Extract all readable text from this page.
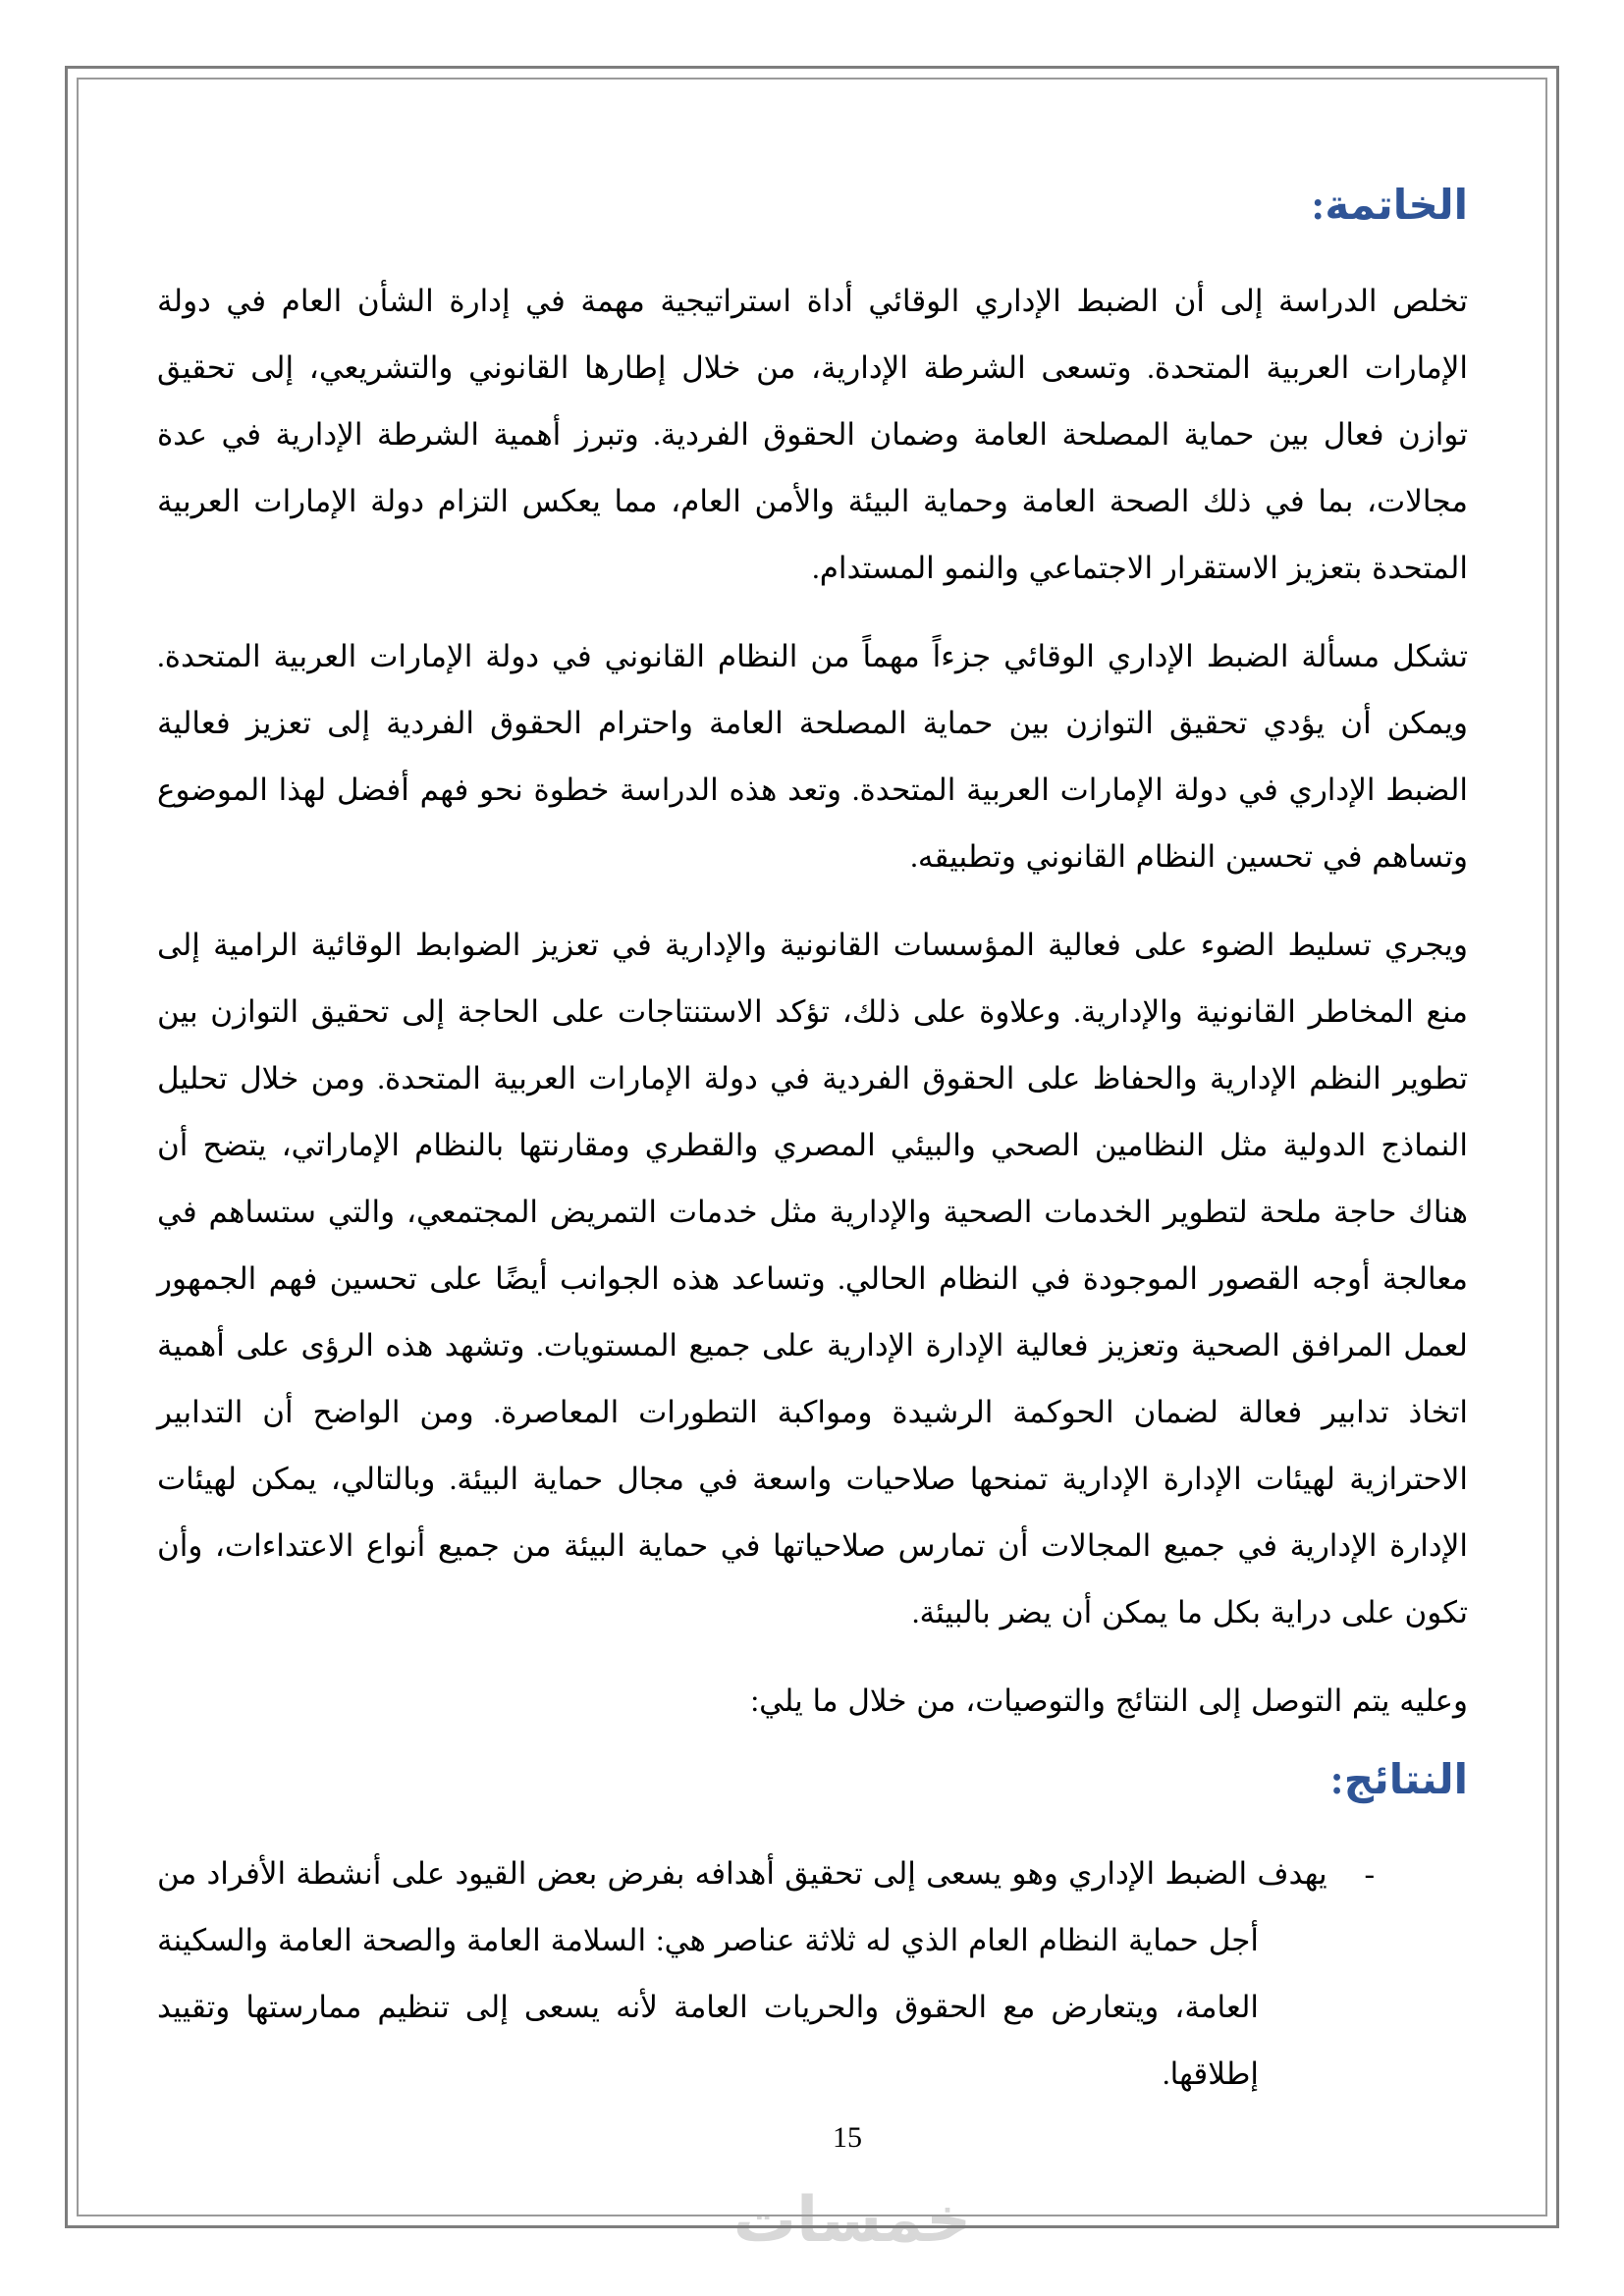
خمسات
الخاتمة:

تخلص الدراسة إلى أن الضبط الإداري الوقائي أداة استراتيجية مهمة في إدارة الشأن العام في دولة الإمارات العربية المتحدة. وتسعى الشرطة الإدارية، من خلال إطارها القانوني والتشريعي، إلى تحقيق توازن فعال بين حماية المصلحة العامة وضمان الحقوق الفردية. وتبرز أهمية الشرطة الإدارية في عدة مجالات، بما في ذلك الصحة العامة وحماية البيئة والأمن العام، مما يعكس التزام دولة الإمارات العربية المتحدة بتعزيز الاستقرار الاجتماعي والنمو المستدام.

تشكل مسألة الضبط الإداري الوقائي جزءاً مهماً من النظام القانوني في دولة الإمارات العربية المتحدة. ويمكن أن يؤدي تحقيق التوازن بين حماية المصلحة العامة واحترام الحقوق الفردية إلى تعزيز فعالية الضبط الإداري في دولة الإمارات العربية المتحدة. وتعد هذه الدراسة خطوة نحو فهم أفضل لهذا الموضوع وتساهم في تحسين النظام القانوني وتطبيقه.

ويجري تسليط الضوء على فعالية المؤسسات القانونية والإدارية في تعزيز الضوابط الوقائية الرامية إلى منع المخاطر القانونية والإدارية. وعلاوة على ذلك، تؤكد الاستنتاجات على الحاجة إلى تحقيق التوازن بين تطوير النظم الإدارية والحفاظ على الحقوق الفردية في دولة الإمارات العربية المتحدة. ومن خلال تحليل النماذج الدولية مثل النظامين الصحي والبيئي المصري والقطري ومقارنتها بالنظام الإماراتي، يتضح أن هناك حاجة ملحة لتطوير الخدمات الصحية والإدارية مثل خدمات التمريض المجتمعي، والتي ستساهم في معالجة أوجه القصور الموجودة في النظام الحالي. وتساعد هذه الجوانب أيضًا على تحسين فهم الجمهور لعمل المرافق الصحية وتعزيز فعالية الإدارة الإدارية على جميع المستويات. وتشهد هذه الرؤى على أهمية اتخاذ تدابير فعالة لضمان الحوكمة الرشيدة ومواكبة التطورات المعاصرة. ومن الواضح أن التدابير الاحترازية لهيئات الإدارة الإدارية تمنحها صلاحيات واسعة في مجال حماية البيئة. وبالتالي، يمكن لهيئات الإدارة الإدارية في جميع المجالات أن تمارس صلاحياتها في حماية البيئة من جميع أنواع الاعتداءات، وأن تكون على دراية بكل ما يمكن أن يضر بالبيئة.

وعليه يتم التوصل إلى النتائج والتوصيات، من خلال ما يلي:

النتائج:
-يهدف الضبط الإداري وهو يسعى إلى تحقيق أهدافه بفرض بعض القيود على أنشطة الأفراد من أجل حماية النظام العام الذي له ثلاثة عناصر هي: السلامة العامة والصحة العامة والسكينة العامة، ويتعارض مع الحقوق والحريات العامة لأنه يسعى إلى تنظيم ممارستها وتقييد إطلاقها.
15
